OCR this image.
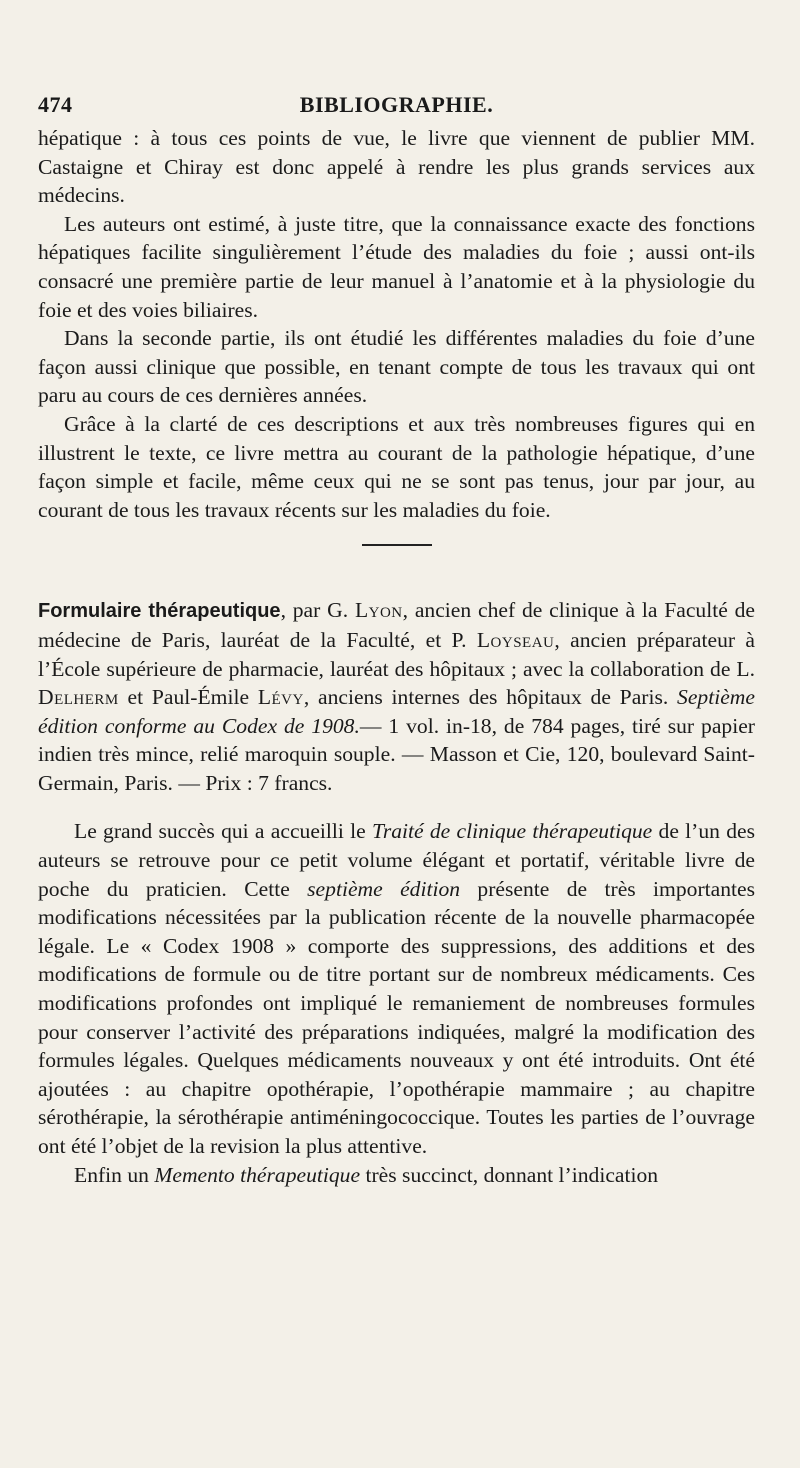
474	BIBLIOGRAPHIE.

hépatique : à tous ces points de vue, le livre que viennent de publier MM. Castaigne et Chiray est donc appelé à rendre les plus grands services aux médecins.

Les auteurs ont estimé, à juste titre, que la connaissance exacte des fonctions hépatiques facilite singulièrement l’étude des maladies du foie ; aussi ont-ils consacré une première partie de leur manuel à l’anatomie et à la physiologie du foie et des voies biliaires.

Dans la seconde partie, ils ont étudié les différentes maladies du foie d’une façon aussi clinique que possible, en tenant compte de tous les travaux qui ont paru au cours de ces dernières années.

Grâce à la clarté de ces descriptions et aux très nombreuses figures qui en illustrent le texte, ce livre mettra au courant de la pathologie hépatique, d’une façon simple et facile, même ceux qui ne se sont pas tenus, jour par jour, au courant de tous les travaux récents sur les maladies du foie.

Formulaire thérapeutique, par G. Lyon, ancien chef de clinique à la Faculté de médecine de Paris, lauréat de la Faculté, et P. Loyseau, ancien préparateur à l’École supérieure de pharmacie, lauréat des hôpitaux ; avec la collaboration de L. Delherm et Paul-Émile Lévy, anciens internes des hôpitaux de Paris. Septième édition conforme au Codex de 1908.— 1 vol. in-18, de 784 pages, tiré sur papier indien très mince, relié maroquin souple. — Masson et Cie, 120, boulevard Saint-Germain, Paris. — Prix : 7 francs.

Le grand succès qui a accueilli le Traité de clinique thérapeutique de l’un des auteurs se retrouve pour ce petit volume élégant et portatif, véritable livre de poche du praticien. Cette septième édition présente de très importantes modifications nécessitées par la publication récente de la nouvelle pharmacopée légale. Le « Codex 1908 » comporte des suppressions, des additions et des modifications de formule ou de titre portant sur de nombreux médicaments. Ces modifications profondes ont impliqué le remaniement de nombreuses formules pour conserver l’activité des préparations indiquées, malgré la modification des formules légales. Quelques médicaments nouveaux y ont été introduits. Ont été ajoutées : au chapitre opothérapie, l’opothérapie mammaire ; au chapitre sérothérapie, la sérothérapie antiméningococcique. Toutes les parties de l’ouvrage ont été l’objet de la revision la plus attentive.

Enfin un Memento thérapeutique très succinct, donnant l’indication
